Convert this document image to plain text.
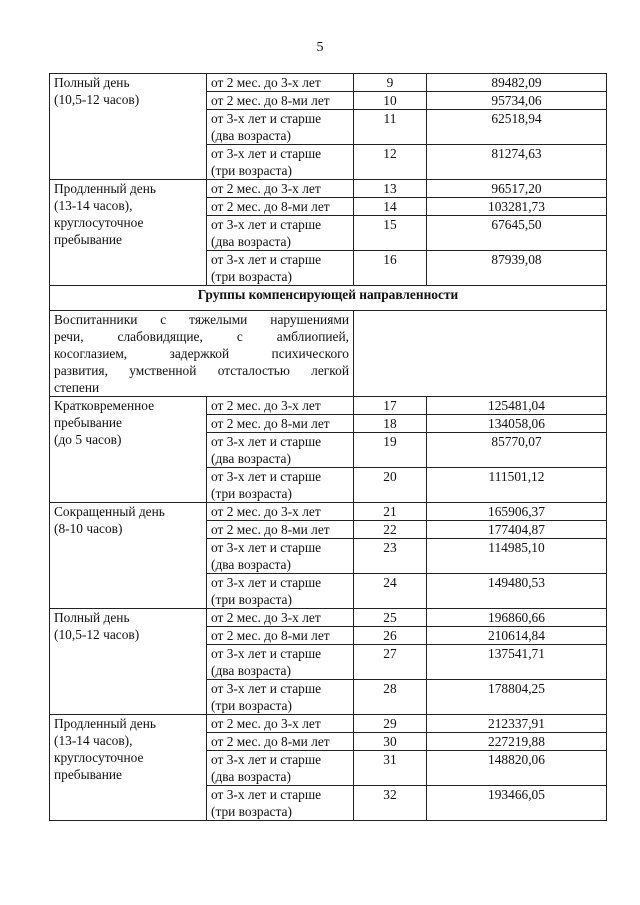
5
Полный день
(10,5-12 часов)	от 2 мес. до 3-х лет	9	89482,09

	от 2 мес. до 8-ми лет	10	95734,06

	от 3-х лет и старше
(два возраста)	11	62518,94

	от 3-х лет и старше
(три возраста)	12	81274,63

Продленный день
(13-14 часов),
круглосуточное
пребывание	от 2 мес. до 3-х лет	13	96517,20

	от 2 мес. до 8-ми лет	14	103281,73

	от 3-х лет и старше
(два возраста)	15	67645,50

	от 3-х лет и старше
(три возраста)	16	87939,08
Группы компенсирующей направленности			

Воспитанники с тяжелыми нарушениями
речи, слабовидящие, с амблиопией,
косоглазием, задержкой психического
развития, умственной отсталостью легкой
степени			

Кратковременное
пребывание
(до 5 часов)	от 2 мес. до 3-х лет	17	125481,04

	от 2 мес. до 8-ми лет	18	134058,06

	от 3-х лет и старше
(два возраста)	19	85770,07

	от 3-х лет и старше
(три возраста)	20	111501,12

Сокращенный день
(8-10 часов)	от 2 мес. до 3-х лет	21	165906,37

	от 2 мес. до 8-ми лет	22	177404,87

	от 3-х лет и старше
(два возраста)	23	114985,10

	от 3-х лет и старше
(три возраста)	24	149480,53

Полный день
(10,5-12 часов)	от 2 мес. до 3-х лет	25	196860,66

	от 2 мес. до 8-ми лет	26	210614,84

	от 3-х лет и старше
(два возраста)	27	137541,71

	от 3-х лет и старше
(три возраста)	28	178804,25

Продленный день
(13-14 часов),
круглосуточное
пребывание	от 2 мес. до 3-х лет	29	212337,91

	от 2 мес. до 8-ми лет	30	227219,88

	от 3-х лет и старше
(два возраста)	31	148820,06

	от 3-х лет и старше
(три возраста)	32	193466,05
